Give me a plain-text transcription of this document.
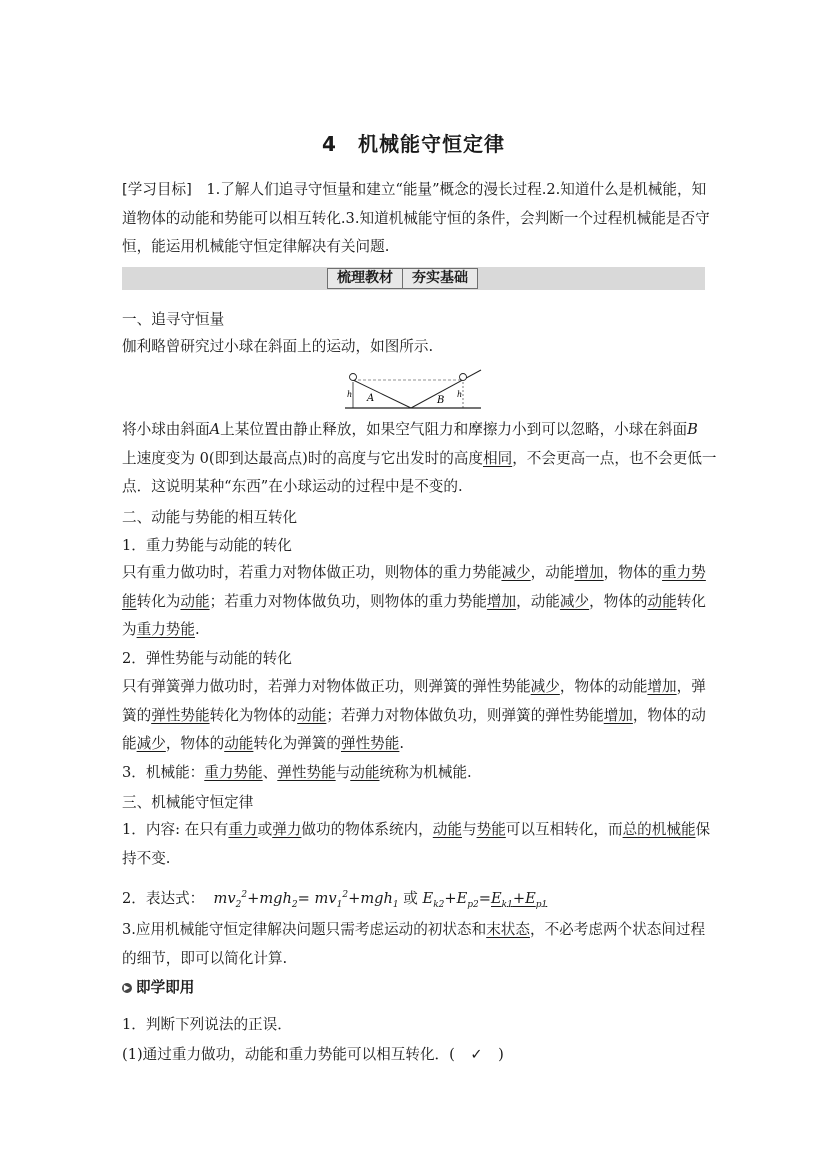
4　机械能守恒定律
[学习目标]　 1.了解人们追寻守恒量和建立“能量”概念的漫长过程.2.知道什么是机械能，知
道物体的动能和势能可以相互转化.3.知道机械能守恒的条件，会判断一个过程机械能是否守
恒，能运用机械能守恒定律解决有关问题.
梳理教材	夯实基础
一、追寻守恒量
伽利略曾研究过小球在斜面上的运动，如图所示.
h	h
A	B
将小球由斜面A上某位置由静止释放，如果空气阻力和摩擦力小到可以忽略，小球在斜面B
上速度变为 0(即到达最高点)时的高度与它出发时的高度相同，不会更高一点，也不会更低一
点．这说明某种“东西”在小球运动的过程中是不变的.
二、动能与势能的相互转化
1．重力势能与动能的转化
只有重力做功时，若重力对物体做正功，则物体的重力势能减少，动能增加，物体的重力势
能转化为动能；若重力对物体做负功，则物体的重力势能增加，动能减少，物体的动能转化
为重力势能.
2．弹性势能与动能的转化
只有弹簧弹力做功时，若弹力对物体做正功，则弹簧的弹性势能减少，物体的动能增加，弹
簧的弹性势能转化为物体的动能；若弹力对物体做负功，则弹簧的弹性势能增加，物体的动
能减少，物体的动能转化为弹簧的弹性势能.
3．机械能：重力势能、弹性势能与动能统称为机械能.
三、机械能守恒定律
1．内容: 在只有重力或弹力做功的物体系统内，动能与势能可以互相转化，而总的机械能保
持不变.
2．表达式：  $mv_2^2+mgh_2= mv_1^2+mgh_1$ 或 $E_{k2}+E_{p2}=E_{k1}+E_{p1}$
3.应用机械能守恒定律解决问题只需考虑运动的初状态和末状态，不必考虑两个状态间过程
的细节，即可以简化计算.
▶ 即学即用
1．判断下列说法的正误．
(1)通过重力做功，动能和重力势能可以相互转化．( ✓ )
